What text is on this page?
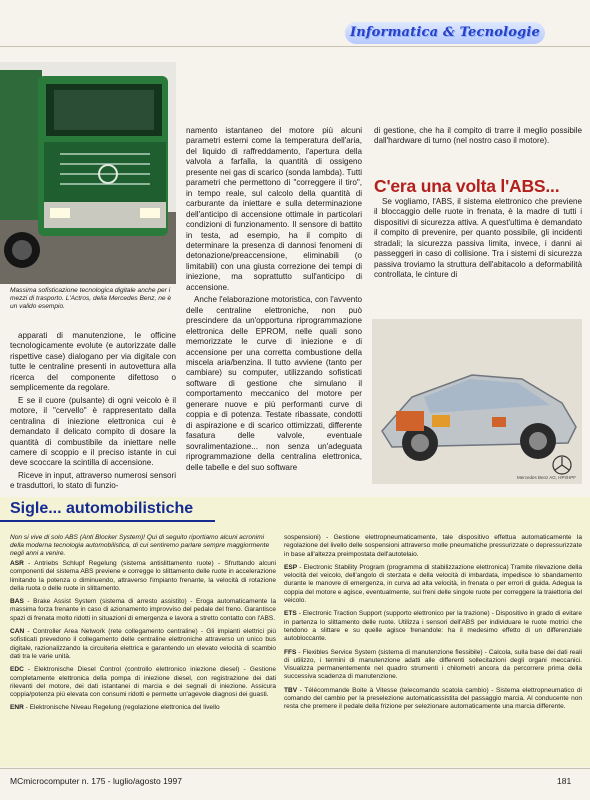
Informatica & Tecnologie
Massima sofisticazione tecnologica digitale anche per i mezzi di trasporto. L'Actros, della Mercedes Benz, ne è un valido esempio.

apparati di manutenzione, le officine tecnologicamente evolute (e autorizzate dalle rispettive case) dialogano per via digitale con tutte le centraline presenti in autovettura alla ricerca del componente difettoso o semplicemente da regolare.

E se il cuore (pulsante) di ogni veicolo è il motore, il "cervello" è rappresentato dalla centralina di iniezione elettronica cui è demandato il delicato compito di dosare la quantità di combustibile da iniettare nelle camere di scoppio e il preciso istante in cui deve scoccare la scintilla di accensione.

Riceve in input, attraverso numerosi sensori e trasduttori, lo stato di funzio-

namento istantaneo del motore più alcuni parametri esterni come la temperatura dell'aria, del liquido di raffreddamento, l'apertura della valvola a farfalla, la quantità di ossigeno presente nei gas di scarico (sonda lambda). Tutti parametri che permettono di "correggere il tiro", in tempo reale, sul calcolo della quantità di carburante da iniettare e sulla determinazione dell'anticipo di accensione ottimale in particolari condizioni di funzionamento. Il sensore di battito in testa, ad esempio, ha il compito di determinare la presenza di dannosi fenomeni di detonazione/preaccensione, eliminabili (o limitabili) con una giusta correzione dei tempi di iniezione, ma soprattutto sull'anticipo di accensione.

Anche l'elaborazione motoristica, con l'avvento delle centraline elettroniche, non può prescindere da un'opportuna riprogrammazione elettronica delle EPROM, nelle quali sono memorizzate le curve di iniezione e di accensione per una corretta combustione della miscela aria/benzina. Il tutto avviene (tanto per cambiare) su computer, utilizzando sofisticati software di gestione che simulano il comportamento meccanico del motore per generare nuove e più performanti curve di coppia e di potenza. Testate ribassate, condotti di aspirazione e di scarico ottimizzati, differente fasatura delle valvole, eventuale sovralimentazione... non senza un'adeguata riprogrammazione della centralina elettronica, delle tabelle e del suo software

di gestione, che ha il compito di trarre il meglio possibile dall'hardware di turno (nel nostro caso il motore).

C'era una volta l'ABS...

Se vogliamo, l'ABS, il sistema elettronico che previene il bloccaggio delle ruote in frenata, è la madre di tutti i dispositivi di sicurezza attiva. A quest'ultima è demandato il compito di prevenire, per quanto possibile, gli incidenti stradali; la sicurezza passiva limita, invece, i danni ai passeggeri in caso di collisione. Tra i sistemi di sicurezza passiva troviamo la struttura dell'abitacolo a deformabilità controllata, le cinture di

Mercedes Benz AG, HPI/HPF
Sigle... automobilistiche
Non si vive di solo ABS (Anti Blocker System)! Qui di seguito riportiamo alcuni acronimi della moderna tecnologia automobilistica, di cui sentiremo parlare sempre maggiormente negli anni a venire.
ASR - Antriebs Schlupf Regelung (sistema antislittamento ruote) - Sfruttando alcuni componenti del sistema ABS previene e corregge lo slittamento delle ruote in accelerazione limitando la potenza o diminuendo, attraverso l'impianto frenante, la velocità di rotazione della ruota o delle ruote in slittamento.
BAS - Brake Assist System (sistema di arresto assistito) - Eroga automaticamente la massima forza frenante in caso di azionamento improvviso del pedale del freno. Garantisce spazi di frenata molto ridotti in situazioni di emergenza e lavora a stretto contatto con l'ABS.
CAN - Controller Area Network (rete collegamento centraline) - Gli impianti elettrici più sofisticati prevedono il collegamento delle centraline elettroniche attraverso un unico bus digitale, razionalizzando la circuiteria elettrica e garantendo un elevato velocità di scambio dati tra le varie unità.
EDC - Elektronische Diesel Control (controllo elettronico iniezione diesel) - Gestione completamente elettronica della pompa di iniezione diesel, con registrazione dei dati rilevanti del motore, dei dati istantanei di marcia e dei segnali di iniezione. Assicura coppia/potenza più elevata con consumi ridotti e permette un'agevole diagnosi dei guasti.
ENR - Elektronische Niveau Regelung (regolazione elettronica del livello
sospensioni) - Gestione elettropneumaticamente, tale dispositivo effettua automaticamente la regolazione del livello delle sospensioni attraverso molle pneumatiche pressurizzate o depressurizzate in base all'altezza preimpostata dell'autotelaio.
ESP - Electronic Stability Program (programma di stabilizzazione elettronica) Tramite rilevazione della velocità del veicolo, dell'angolo di sterzata e della velocità di imbardata, impedisce lo sbandamento durante le manovre di emergenza, in curva ad alta velocità, in frenata o per errori di guida. Adegua la coppia del motore e agisce, eventualmente, sui freni delle singole ruote per correggere la traiettoria del veicolo.
ETS - Electronic Traction Support (supporto elettronico per la trazione) - Dispositivo in grado di evitare in partenza lo slittamento delle ruote. Utilizza i sensori dell'ABS per individuare le ruote motrici che tendono a slittare e su quelle agisce frenandole: ha il medesimo effetto di un differenziale autobloccante.
FFS - Flexibles Service System (sistema di manutenzione flessibile) - Calcola, sulla base dei dati reali di utilizzo, i termini di manutenzione adatti alle differenti sollecitazioni degli organi meccanici. Visualizza permanentemente nel quadro strumenti i chilometri ancora da percorrere prima della successiva scadenza di manutenzione.
TBV - Télécommande Boite à Vitesse (telecomando scatola cambio) - Sistema elettropneumatico di comando del cambio per la preselezione automaticassistita del passaggio marcia. Al conducente non resta che premere il pedale della frizione per selezionare automaticamente una marcia differente.
MCmicrocomputer n. 175 - luglio/agosto 1997	181
